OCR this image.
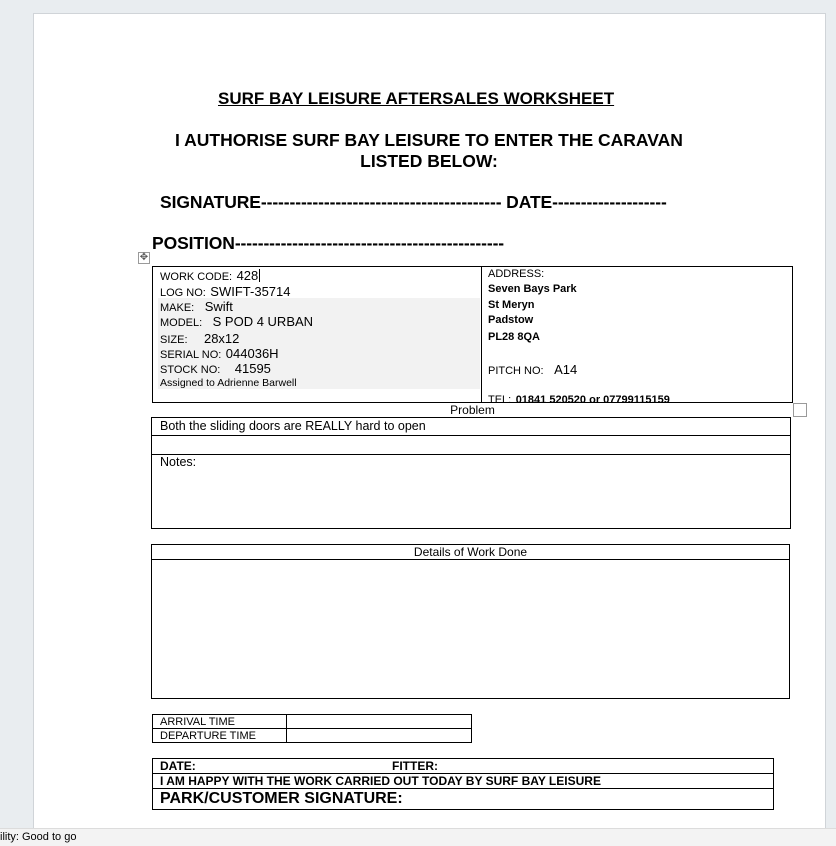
SURF BAY LEISURE AFTERSALES WORKSHEET
I AUTHORISE SURF BAY LEISURE TO ENTER THE CARAVAN
LISTED BELOW:
SIGNATURE------------------------------------------ DATE--------------------
POSITION-----------------------------------------------
✥
WORK CODE: 428
LOG NO: SWIFT-35714
MAKE: Swift
MODEL: S POD 4 URBAN
SIZE: 28x12
SERIAL NO: 044036H
STOCK NO: 41595
Assigned to Adrienne Barwell
ADDRESS:
Seven Bays Park
St Meryn
Padstow
PL28 8QA
PITCH NO: A14
TEL: 01841 520520 or 07799115159
Problem
Both the sliding doors are REALLY hard to open
Notes:
Details of Work Done
ARRIVAL TIME
DEPARTURE TIME
DATE:	FITTER:
I AM HAPPY WITH THE WORK CARRIED OUT TODAY BY SURF BAY LEISURE
PARK/CUSTOMER SIGNATURE:
ility: Good to go
